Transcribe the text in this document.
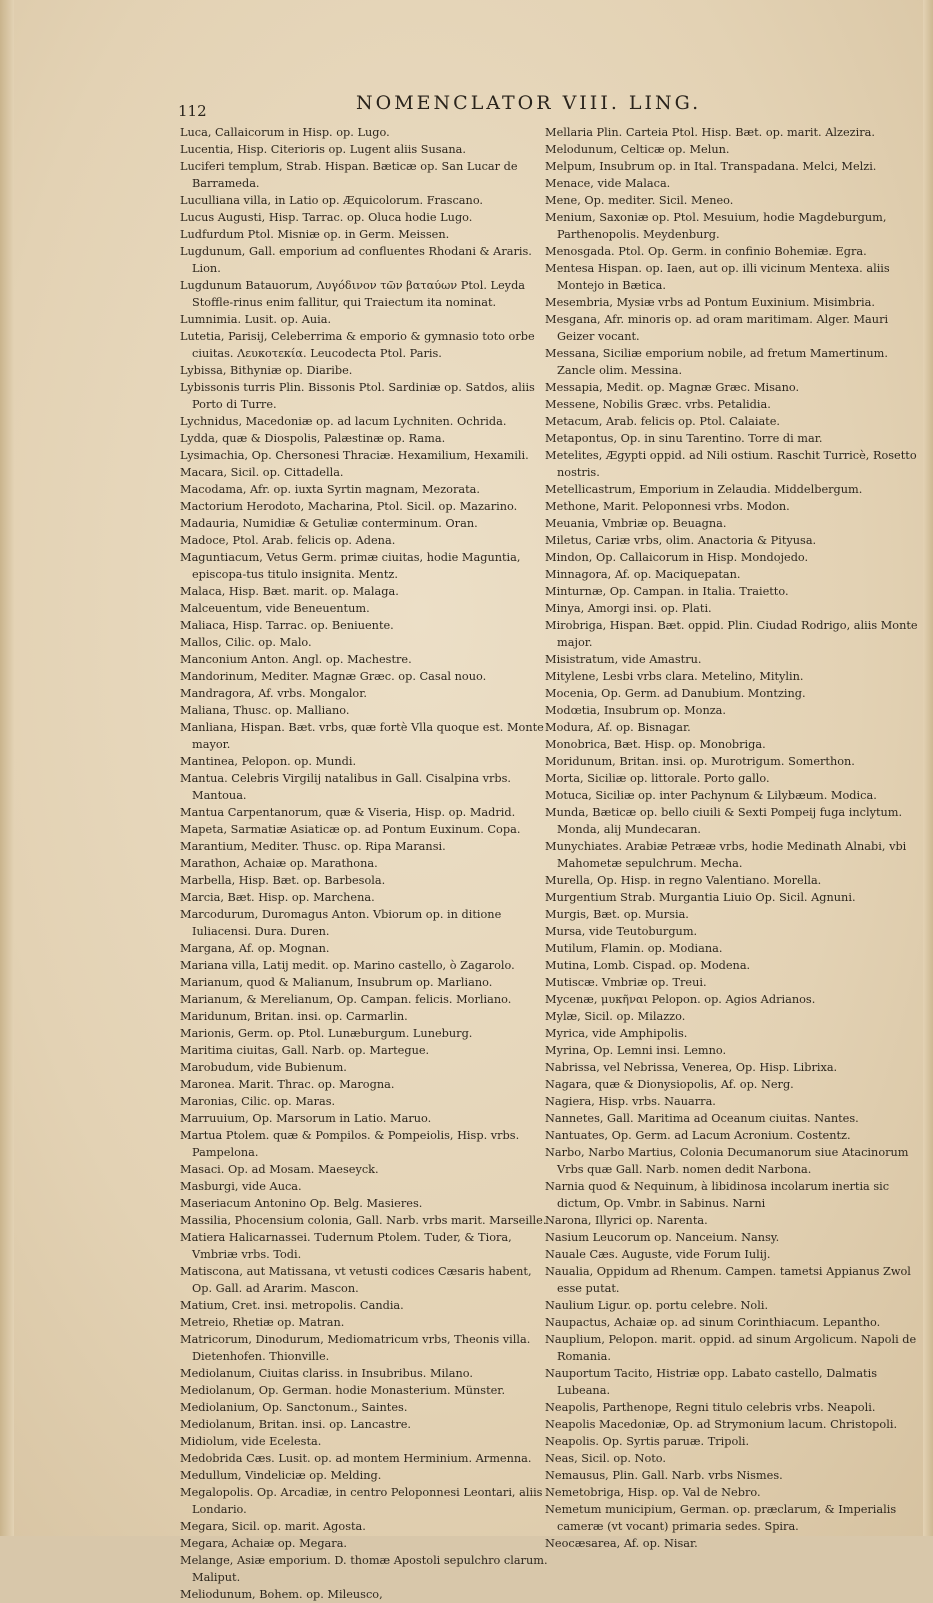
112	NOMENCLATOR VIII. LING.

Luca, Callaicorum in Hisp. op. Lugo.

Lucentia, Hisp. Citerioris op. Lugent aliis Susana.

Luciferi templum, Strab. Hispan. Bæticæ op. San Lucar de Barrameda.

Luculliana villa, in Latio op. Æquicolorum. Frascano.

Lucus Augusti, Hisp. Tarrac. op. Oluca hodie Lugo.

Ludfurdum Ptol. Misniæ op. in Germ. Meissen.

Lugdunum, Gall. emporium ad confluentes Rhodani & Araris. Lion.

Lugdunum Batauorum, Λυγόδινον τῶν βαταύων Ptol. Leyda Stoffle-rinus enim fallitur, qui Traiectum ita nominat.

Lumnimia. Lusit. op. Auia.

Lutetia, Parisij, Celeberrima & emporio & gymnasio toto orbe ciuitas. Λευκοτεκία. Leucodecta Ptol. Paris.

Lybissa, Bithyniæ op. Diaribe.

Lybissonis turris Plin. Bissonis Ptol. Sardiniæ op. Satdos, aliis Porto di Turre.

Lychnidus, Macedoniæ op. ad lacum Lychniten. Ochrida.

Lydda, quæ & Diospolis, Palæstinæ op. Rama.

Lysimachia, Op. Chersonesi Thraciæ. Hexamilium, Hexamili.

Macara, Sicil. op. Cittadella.

Macodama, Afr. op. iuxta Syrtin magnam, Mezorata.

Mactorium Herodoto, Macharina, Ptol. Sicil. op. Mazarino.

Madauria, Numidiæ & Getuliæ conterminum. Oran.

Madoce, Ptol. Arab. felicis op. Adena.

Maguntiacum, Vetus Germ. primæ ciuitas, hodie Maguntia, episcopa-tus titulo insignita. Mentz.

Malaca, Hisp. Bæt. marit. op. Malaga.

Malceuentum, vide Beneuentum.

Maliaca, Hisp. Tarrac. op. Beniuente.

Mallos, Cilic. op. Malo.

Manconium Anton. Angl. op. Machestre.

Mandorinum, Mediter. Magnæ Græc. op. Casal nouo.

Mandragora, Af. vrbs. Mongalor.

Maliana, Thusc. op. Malliano.

Manliana, Hispan. Bæt. vrbs, quæ fortè Vlla quoque est. Monte mayor.

Mantinea, Pelopon. op. Mundi.

Mantua. Celebris Virgilij natalibus in Gall. Cisalpina vrbs. Mantoua.

Mantua Carpentanorum, quæ & Viseria, Hisp. op. Madrid.

Mapeta, Sarmatiæ Asiaticæ op. ad Pontum Euxinum. Copa.

Marantium, Mediter. Thusc. op. Ripa Maransi.

Marathon, Achaiæ op. Marathona.

Marbella, Hisp. Bæt. op. Barbesola.

Marcia, Bæt. Hisp. op. Marchena.

Marcodurum, Duromagus Anton. Vbiorum op. in ditione Iuliacensi. Dura. Duren.

Margana, Af. op. Mognan.

Mariana villa, Latij medit. op. Marino castello, ò Zagarolo.

Marianum, quod & Malianum, Insubrum op. Marliano.

Marianum, & Merelianum, Op. Campan. felicis. Morliano.

Maridunum, Britan. insi. op. Carmarlin.

Marionis, Germ. op. Ptol. Lunæburgum. Luneburg.

Maritima ciuitas, Gall. Narb. op. Martegue.

Marobudum, vide Bubienum.

Maronea. Marit. Thrac. op. Marogna.

Maronias, Cilic. op. Maras.

Marruuium, Op. Marsorum in Latio. Maruo.

Martua Ptolem. quæ & Pompilos. & Pompeiolis, Hisp. vrbs. Pampelona.

Masaci. Op. ad Mosam. Maeseyck.

Masburgi, vide Auca.

Maseriacum Antonino Op. Belg. Masieres.

Massilia, Phocensium colonia, Gall. Narb. vrbs marit. Marseille.

Matiera Halicarnassei. Tudernum Ptolem. Tuder, & Tiora, Vmbriæ vrbs. Todi.

Matiscona, aut Matissana, vt vetusti codices Cæsaris habent, Op. Gall. ad Ararim. Mascon.

Matium, Cret. insi. metropolis. Candia.

Metreio, Rhetiæ op. Matran.

Matricorum, Dinodurum, Mediomatricum vrbs, Theonis villa. Dietenhofen. Thionville.

Mediolanum, Ciuitas clariss. in Insubribus. Milano.

Mediolanum, Op. German. hodie Monasterium. Münster.

Mediolanium, Op. Sanctonum., Saintes.

Mediolanum, Britan. insi. op. Lancastre.

Midiolum, vide Ecelesta.

Medobrida Cæs. Lusit. op. ad montem Herminium. Armenna.

Medullum, Vindeliciæ op. Melding.

Megalopolis. Op. Arcadiæ, in centro Peloponnesi Leontari, aliis Londario.

Megara, Sicil. op. marit. Agosta.

Megara, Achaiæ op. Megara.

Melange, Asiæ emporium. D. thomæ Apostoli sepulchro clarum. Maliput.

Meliodunum, Bohem. op. Mileusco,

Mellaria Plin. Carteia Ptol. Hisp. Bæt. op. marit. Alzezira.

Melodunum, Celticæ op. Melun.

Melpum, Insubrum op. in Ital. Transpadana. Melci, Melzi.

Menace, vide Malaca.

Mene, Op. mediter. Sicil. Meneo.

Menium, Saxoniæ op. Ptol. Mesuium, hodie Magdeburgum, Parthenopolis. Meydenburg.

Menosgada. Ptol. Op. Germ. in confinio Bohemiæ. Egra.

Mentesa Hispan. op. Iaen, aut op. illi vicinum Mentexa. aliis Montejo in Bætica.

Mesembria, Mysiæ vrbs ad Pontum Euxinium. Misimbria.

Mesgana, Afr. minoris op. ad oram maritimam. Alger. Mauri Geizer vocant.

Messana, Siciliæ emporium nobile, ad fretum Mamertinum. Zancle olim. Messina.

Messapia, Medit. op. Magnæ Græc. Misano.

Messene, Nobilis Græc. vrbs. Petalidia.

Metacum, Arab. felicis op. Ptol. Calaiate.

Metapontus, Op. in sinu Tarentino. Torre di mar.

Metelites, Ægypti oppid. ad Nili ostium. Raschit Turricè, Rosetto nostris.

Metellicastrum, Emporium in Zelaudia. Middelbergum.

Methone, Marit. Peloponnesi vrbs. Modon.

Meuania, Vmbriæ op. Beuagna.

Miletus, Cariæ vrbs, olim. Anactoria & Pityusa.

Mindon, Op. Callaicorum in Hisp. Mondojedo.

Minnagora, Af. op. Maciquepatan.

Minturnæ, Op. Campan. in Italia. Traietto.

Minya, Amorgi insi. op. Plati.

Mirobriga, Hispan. Bæt. oppid. Plin. Ciudad Rodrigo, aliis Monte major.

Misistratum, vide Amastru.

Mitylene, Lesbi vrbs clara. Metelino, Mitylin.

Mocenia, Op. Germ. ad Danubium. Montzing.

Modœtia, Insubrum op. Monza.

Modura, Af. op. Bisnagar.

Monobrica, Bæt. Hisp. op. Monobriga.

Moridunum, Britan. insi. op. Murotrigum. Somerthon.

Morta, Siciliæ op. littorale. Porto gallo.

Motuca, Siciliæ op. inter Pachynum & Lilybæum. Modica.

Munda, Bæticæ op. bello ciuili & Sexti Pompeij fuga inclytum. Monda, alij Mundecaran.

Munychiates. Arabiæ Petrææ vrbs, hodie Medinath Alnabi, vbi Mahometæ sepulchrum. Mecha.

Murella, Op. Hisp. in regno Valentiano. Morella.

Murgentium Strab. Murgantia Liuio Op. Sicil. Agnuni.

Murgis, Bæt. op. Mursia.

Mursa, vide Teutoburgum.

Mutilum, Flamin. op. Modiana.

Mutina, Lomb. Cispad. op. Modena.

Mutiscæ. Vmbriæ op. Treui.

Mycenæ, μυκῆναι Pelopon. op. Agios Adrianos.

Mylæ, Sicil. op. Milazzo.

Myrica, vide Amphipolis.

Myrina, Op. Lemni insi. Lemno.

Nabrissa, vel Nebrissa, Venerea, Op. Hisp. Librixa.

Nagara, quæ & Dionysiopolis, Af. op. Nerg.

Nagiera, Hisp. vrbs. Nauarra.

Nannetes, Gall. Maritima ad Oceanum ciuitas. Nantes.

Nantuates, Op. Germ. ad Lacum Acronium. Costentz.

Narbo, Narbo Martius, Colonia Decumanorum siue Atacinorum Vrbs quæ Gall. Narb. nomen dedit Narbona.

Narnia quod & Nequinum, à libidinosa incolarum inertia sic dictum, Op. Vmbr. in Sabinus. Narni

Narona, Illyrici op. Narenta.

Nasium Leucorum op. Nanceium. Nansy.

Nauale Cæs. Auguste, vide Forum Iulij.

Naualia, Oppidum ad Rhenum. Campen. tametsi Appianus Zwol esse putat.

Naulium Ligur. op. portu celebre. Noli.

Naupactus, Achaiæ op. ad sinum Corinthiacum. Lepantho.

Nauplium, Pelopon. marit. oppid. ad sinum Argolicum. Napoli de Romania.

Nauportum Tacito, Histriæ opp. Labato castello, Dalmatis Lubeana.

Neapolis, Parthenope, Regni titulo celebris vrbs. Neapoli.

Neapolis Macedoniæ, Op. ad Strymonium lacum. Christopoli.

Neapolis. Op. Syrtis paruæ. Tripoli.

Neas, Sicil. op. Noto.

Nemausus, Plin. Gall. Narb. vrbs Nismes.

Nemetobriga, Hisp. op. Val de Nebro.

Nemetum municipium, German. op. præclarum, & Imperialis cameræ (vt vocant) primaria sedes. Spira.

Neocæsarea, Af. op. Nisar.
